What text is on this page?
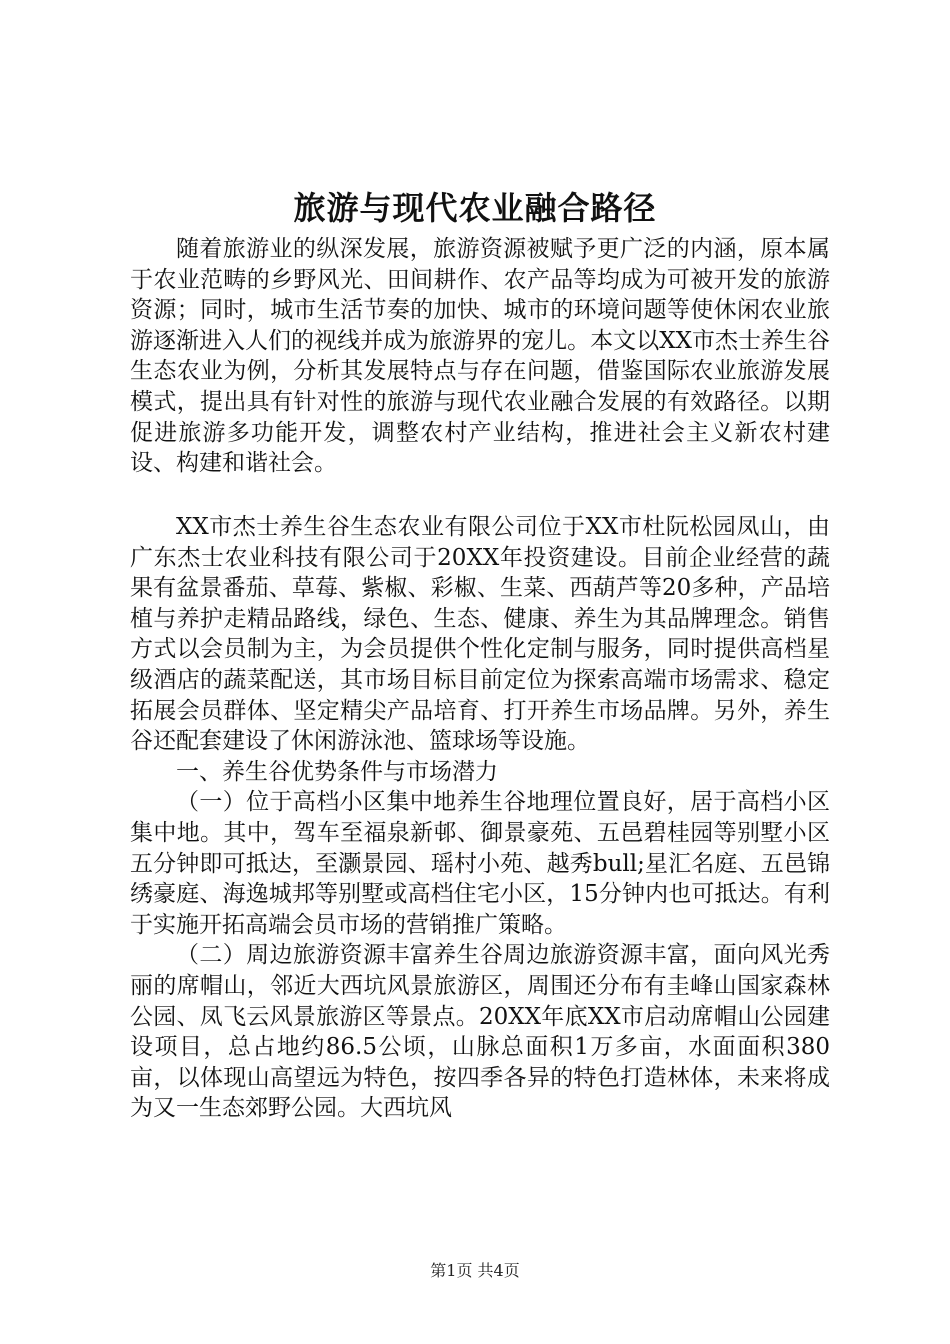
旅游与现代农业融合路径

随着旅游业的纵深发展，旅游资源被赋予更广泛的内涵，原本属于农业范畴的乡野风光、田间耕作、农产品等均成为可被开发的旅游资源；同时，城市生活节奏的加快、城市的环境问题等使休闲农业旅游逐渐进入人们的视线并成为旅游界的宠儿。本文以XX市杰士养生谷生态农业为例，分析其发展特点与存在问题，借鉴国际农业旅游发展模式，提出具有针对性的旅游与现代农业融合发展的有效路径。以期促进旅游多功能开发，调整农村产业结构，推进社会主义新农村建设、构建和谐社会。

XX市杰士养生谷生态农业有限公司位于XX市杜阮松园凤山，由广东杰士农业科技有限公司于20XX年投资建设。目前企业经营的蔬果有盆景番茄、草莓、紫椒、彩椒、生菜、西葫芦等20多种，产品培植与养护走精品路线，绿色、生态、健康、养生为其品牌理念。销售方式以会员制为主，为会员提供个性化定制与服务，同时提供高档星级酒店的蔬菜配送，其市场目标目前定位为探索高端市场需求、稳定拓展会员群体、坚定精尖产品培育、打开养生市场品牌。另外，养生谷还配套建设了休闲游泳池、篮球场等设施。

一、养生谷优势条件与市场潜力

（一）位于高档小区集中地养生谷地理位置良好，居于高档小区集中地。其中，驾车至福泉新邨、御景豪苑、五邑碧桂园等别墅小区五分钟即可抵达，至灏景园、瑶村小苑、越秀bull;星汇名庭、五邑锦绣豪庭、海逸城邦等别墅或高档住宅小区，15分钟内也可抵达。有利于实施开拓高端会员市场的营销推广策略。

（二）周边旅游资源丰富养生谷周边旅游资源丰富，面向风光秀丽的席帽山，邻近大西坑风景旅游区，周围还分布有圭峰山国家森林公园、凤飞云风景旅游区等景点。20XX年底XX市启动席帽山公园建设项目，总占地约86.5公顷，山脉总面积1万多亩，水面面积380亩，以体现山高望远为特色，按四季各异的特色打造林体，未来将成为又一生态郊野公园。大西坑风

第1页 共4页
